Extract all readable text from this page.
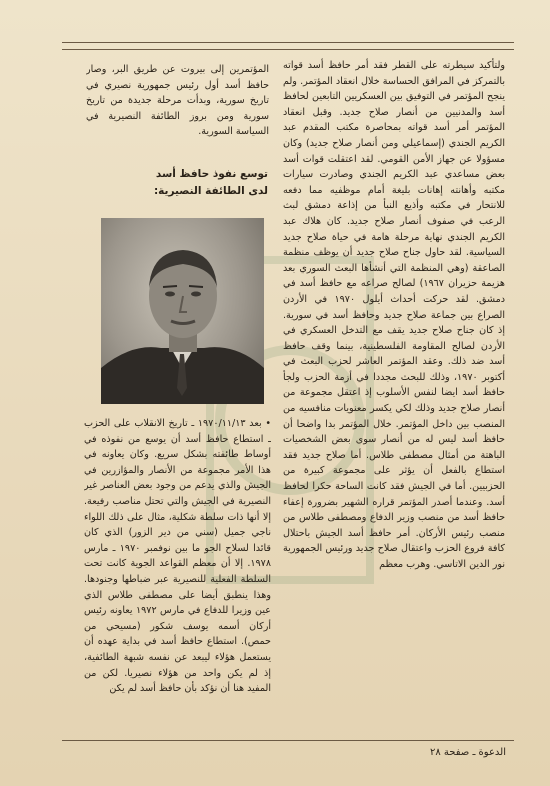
ولتأكيد سيطرته على القطر فقد أمر حافظ أسد قواته بالتمركز في المرافق الحساسة خلال انعقاد المؤتمر. ولم ينجح المؤتمر في التوفيق بين العسكريين التابعين لحافظ أسد والمدنيين من أنصار صلاح جديد. وقبل انعقاد المؤتمر أمر أسد قواته بمحاصرة مكتب المقدم عبد الكريم الجندي (إسماعيلي ومن أنصار صلاح جديد) وكان مسؤولا عن جهاز الأمن القومي. لقد اعتقلت قوات أسد بعض مساعدي عبد الكريم الجندي وصادرت سيارات مكتبه وأهانته إهانات بليغة أمام موظفيه مما دفعه للانتحار في مكتبه وأذيع النبأ من إذاعة دمشق لبث الرعب في صفوف أنصار صلاح جديد. كان هلاك عبد الكريم الجندي نهاية مرحلة هامة في حياة صلاح جديد السياسية. لقد حاول جناح صلاح جديد أن يوظف منظمة الصاعقة (وهي المنظمة التي أنشأها البعث السوري بعد هزيمة حزيران ١٩٦٧) لصالح صراعه مع حافظ أسد في دمشق. لقد حركت أحداث أيلول ١٩٧٠ في الأردن الصراع بين جماعة صلاح جديد وحافظ أسد في سورية. إذ كان جناح صلاح جديد يقف مع التدخل العسكري في الأردن لصالح المقاومة الفلسطينية، بينما وقف حافظ أسد ضد ذلك. وعقد المؤتمر العاشر لحزب البعث في أكتوبر ١٩٧٠، وذلك للبحث مجددا في أزمة الحزب ولجأ حافظ أسد ايضا لنفس الأسلوب إذ اعتقل مجموعة من أنصار صلاح جديد وذلك لكي يكسر معنويات منافسيه من المنصب بين داخل المؤتمر. خلال المؤتمر بدا واضحا أن حافظ أسد ليس له من أنصار سوى بعض الشخصيات الباهتة من أمثال مصطفى طلاس. أما صلاح جديد فقد استطاع بالفعل أن يؤثر على مجموعة كبيرة من الحزبيين. أما في الجيش فقد كانت الساحة حكرا لحافظ أسد. وعندما أصدر المؤتمر قراره الشهير بضرورة إعفاء حافظ أسد من منصب وزير الدفاع ومصطفى طلاس من منصب رئيس الأركان. أمر حافظ أسد الجيش باحتلال كافة فروع الحزب واعتقال صلاح جديد ورئيس الجمهورية نور الدين الاتاسي. وهرب معظم

المؤتمرين إلى بيروت عن طريق البر، وصار حافظ أسد أول رئيس جمهورية نصيري في تاريخ سورية، وبدأت مرحلة جديدة من تاريخ سورية ومن بروز الطائفة النصيرية في السياسة السورية.

توسع نفوذ حافظ أسد
لدى الطائفة النصيرية:

• بعد ١٩٧٠/١١/١٣ ـ تاريخ الانقلاب على الحزب ـ استطاع حافظ أسد أن يوسع من نفوذه في أوساط طائفته بشكل سريع. وكان يعاونه في هذا الأمر مجموعة من الأنصار والمؤازرين في الجيش والذي يدعم من وجود بعض العناصر غير النصيرية في الجيش والتي تحتل مناصب رفيعة. إلا أنها ذات سلطة شكلية، مثال على ذلك اللواء ناجي جميل (سني من دير الزور) الذي كان قائدا لسلاح الجو ما بين نوفمبر ١٩٧٠ ـ مارس ١٩٧٨. إلا أن معظم القواعد الجوية كانت تحت السلطة الفعلية للنصيرية عبر ضباطها وجنودها. وهذا ينطبق أيضا على مصطفى طلاس الذي عين وزيرا للدفاع في مارس ١٩٧٢ يعاونه رئيس أركان أسمه يوسف شكور (مسيحي من حمص). استطاع حافظ أسد في بداية عهده أن يستعمل هؤلاء ليبعد عن نفسه شبهة الطائفية، إذ لم يكن واحد من هؤلاء نصيريا. لكن من المفيد هنا أن نؤكد بأن حافظ أسد لم يكن

الدعوة ـ صفحة ٢٨
